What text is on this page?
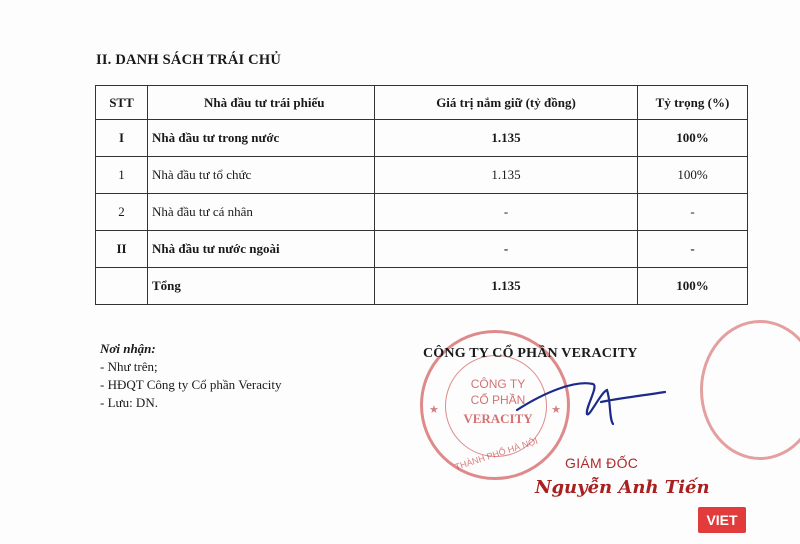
II. DANH SÁCH TRÁI CHỦ
STT	Nhà đầu tư trái phiếu	Giá trị nắm giữ (tỷ đồng)	Tỷ trọng (%)
I	Nhà đầu tư trong nước	1.135	100%
1	Nhà đầu tư tổ chức	1.135	100%
2	Nhà đầu tư cá nhân	-	-
II	Nhà đầu tư nước ngoài	-	-
	Tổng	1.135	100%
Nơi nhận:
- Như trên;
- HĐQT Công ty Cổ phần Veracity
- Lưu: DN.	★	★
CÔNG TY
CỔ PHẦN
VERACITY
THÀNH PHỐ HÀ NỘI
CÔNG TY CỔ PHẦN VERACITY
GIÁM ĐỐC
Nguyễn Anh Tiến
VIET
